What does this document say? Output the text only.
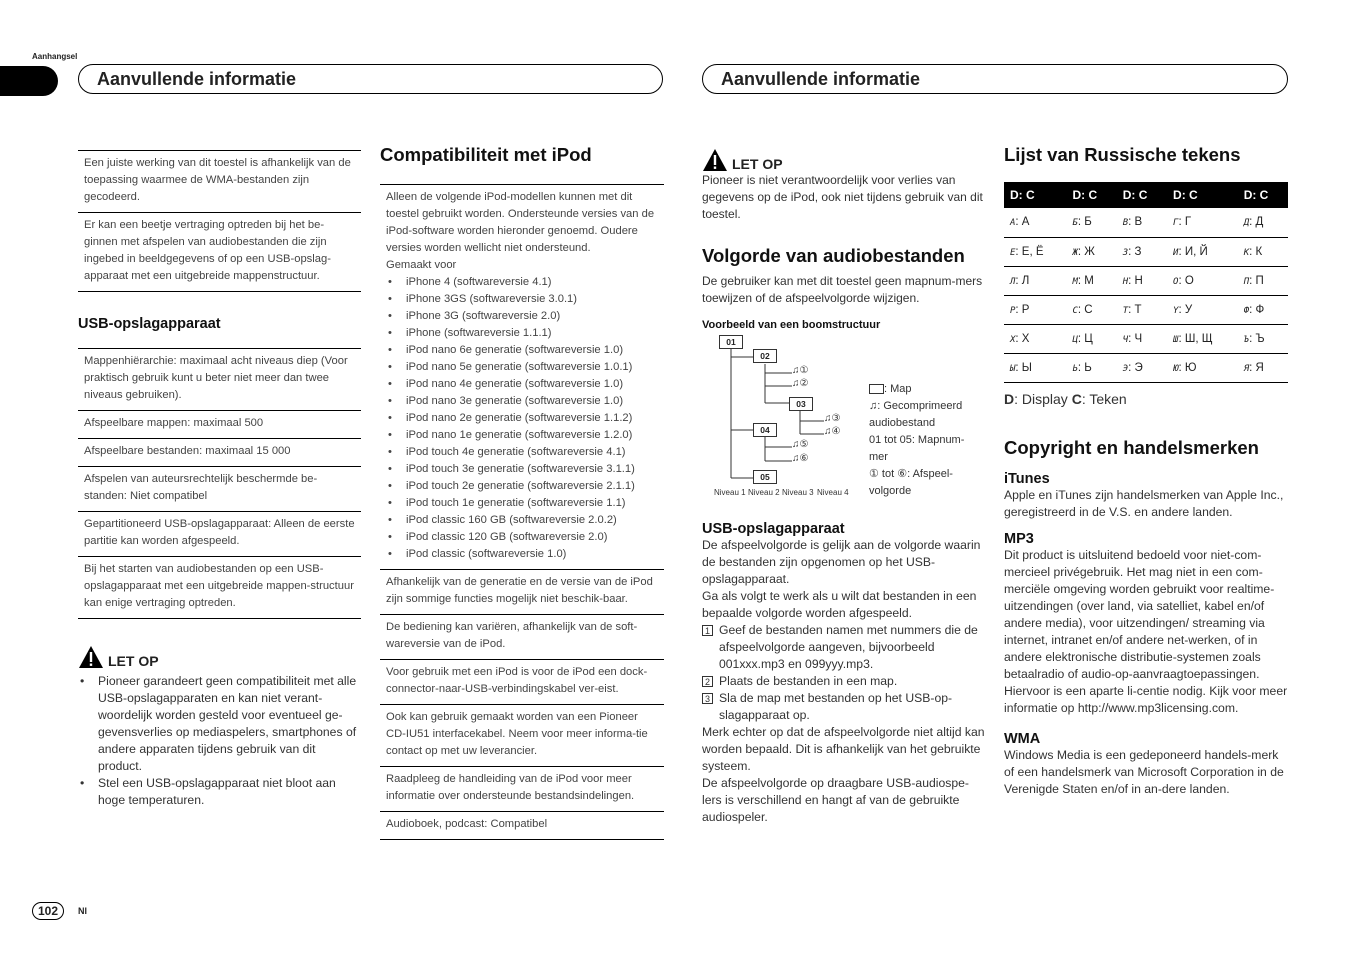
Aanhangsel
Aanvullende informatie	Aanvullende informatie
Een juiste werking van dit toestel is afhankelijk van de toepassing waarmee de WMA-bestanden zijn gecodeerd.
Er kan een beetje vertraging optreden bij het be-ginnen met afspelen van audiobestanden die zijn ingebed in beeldgegevens of op een USB-opslag-apparaat met een uitgebreide mappenstructuur.
USB-opslagapparaat
Mappenhiërarchie: maximaal acht niveaus diep (Voor praktisch gebruik kunt u beter niet meer dan twee niveaus gebruiken).
Afspeelbare mappen: maximaal 500
Afspeelbare bestanden: maximaal 15 000
Afspelen van auteursrechtelijk beschermde be-standen: Niet compatibel
Gepartitioneerd USB-opslagapparaat: Alleen de eerste partitie kan worden afgespeeld.
Bij het starten van audiobestanden op een USB-opslagapparaat met een uitgebreide mappen-structuur kan enige vertraging optreden.
LET OP
• Pioneer garandeert geen compatibiliteit met alle USB-opslagapparaten en kan niet verant-woordelijk worden gesteld voor eventueel ge-gevensverlies op mediaspelers, smartphones of andere apparaten tijdens gebruik van dit product.
• Stel een USB-opslagapparaat niet bloot aan hoge temperaturen.
Compatibiliteit met iPod
Alleen de volgende iPod-modellen kunnen met dit toestel gebruikt worden. Ondersteunde versies van de iPod-software worden hieronder genoemd. Oudere versies worden wellicht niet ondersteund.
Gemaakt voor
• iPhone 4 (softwareversie 4.1)
• iPhone 3GS (softwareversie 3.0.1)
• iPhone 3G (softwareversie 2.0)
• iPhone (softwareversie 1.1.1)
• iPod nano 6e generatie (softwareversie 1.0)
• iPod nano 5e generatie (softwareversie 1.0.1)
• iPod nano 4e generatie (softwareversie 1.0)
• iPod nano 3e generatie (softwareversie 1.0)
• iPod nano 2e generatie (softwareversie 1.1.2)
• iPod nano 1e generatie (softwareversie 1.2.0)
• iPod touch 4e generatie (softwareversie 4.1)
• iPod touch 3e generatie (softwareversie 3.1.1)
• iPod touch 2e generatie (softwareversie 2.1.1)
• iPod touch 1e generatie (softwareversie 1.1)
• iPod classic 160 GB (softwareversie 2.0.2)
• iPod classic 120 GB (softwareversie 2.0)
• iPod classic (softwareversie 1.0)
Afhankelijk van de generatie en de versie van de iPod zijn sommige functies mogelijk niet beschik-baar.
De bediening kan variëren, afhankelijk van de soft-wareversie van de iPod.
Voor gebruik met een iPod is voor de iPod een dock-connector-naar-USB-verbindingskabel ver-eist.
Ook kan gebruik gemaakt worden van een Pioneer CD-IU51 interfacekabel. Neem voor meer informa-tie contact op met uw leverancier.
Raadpleeg de handleiding van de iPod voor meer informatie over ondersteunde bestandsindelingen.
Audioboek, podcast: Compatibel
LET OP
Pioneer is niet verantwoordelijk voor verlies van gegevens op de iPod, ook niet tijdens gebruik van dit toestel.
Volgorde van audiobestanden
De gebruiker kan met dit toestel geen mapnum-mers toewijzen of de afspeelvolgorde wijzigen.
Voorbeeld van een boomstructuur
01
02
03
04
05
♫①
♫②
♫③
♫④
♫⑤
♫⑥
Niveau 1 Niveau 2 Niveau 3 Niveau 4
: Map
♫: Gecomprimeerd audiobestand
01 tot 05: Mapnum-mer
① tot ⑥: Afspeel-volgorde
USB-opslagapparaat
De afspeelvolgorde is gelijk aan de volgorde waarin de bestanden zijn opgenomen op het USB-opslagapparaat.
Ga als volgt te werk als u wilt dat bestanden in een bepaalde volgorde worden afgespeeld.
1 Geef de bestanden namen met nummers die de afspeelvolgorde aangeven, bijvoorbeeld 001xxx.mp3 en 099yyy.mp3.
2 Plaats de bestanden in een map.
3 Sla de map met bestanden op het USB-op-slagapparaat op.
Merk echter op dat de afspeelvolgorde niet altijd kan worden bepaald. Dit is afhankelijk van het gebruikte systeem.
De afspeelvolgorde op draagbare USB-audiospe-lers is verschillend en hangt af van de gebruikte audiospeler.
Lijst van Russische tekens
D: C	D: C	D: C	D: C	D: C
A: А	Б: Б	B: В	Г: Г	Д: Д
E: Е, Ё	Ж: Ж	3: З	И: И, Й	K: К
Л: Л	M: М	H: Н	O: О	П: П
P: Р	C: С	T: Т	Y: У	Ф: Ф
X: Х	Ц: Ц	Ч: Ч	Ш: Ш, Щ	Ъ: Ъ
Ы: Ы	Ь: Ь	Э: Э	Ю: Ю	Я: Я
D: Display C: Teken
Copyright en handelsmerken
iTunes
Apple en iTunes zijn handelsmerken van Apple Inc., geregistreerd in de V.S. en andere landen.
MP3
Dit product is uitsluitend bedoeld voor niet-com-mercieel privégebruik. Het mag niet in een com-merciële omgeving worden gebruikt voor realtime-uitzendingen (over land, via satelliet, kabel en/of andere media), voor uitzendingen/ streaming via internet, intranet en/of andere net-werken, of in andere elektronische distributie-systemen zoals betaalradio of audio-op-aanvraagtoepassingen. Hiervoor is een aparte li-centie nodig. Kijk voor meer informatie op http://www.mp3licensing.com.
WMA
Windows Media is een gedeponeerd handels-merk of een handelsmerk van Microsoft Corporation in de Verenigde Staten en/of in an-dere landen.
102	Nl
